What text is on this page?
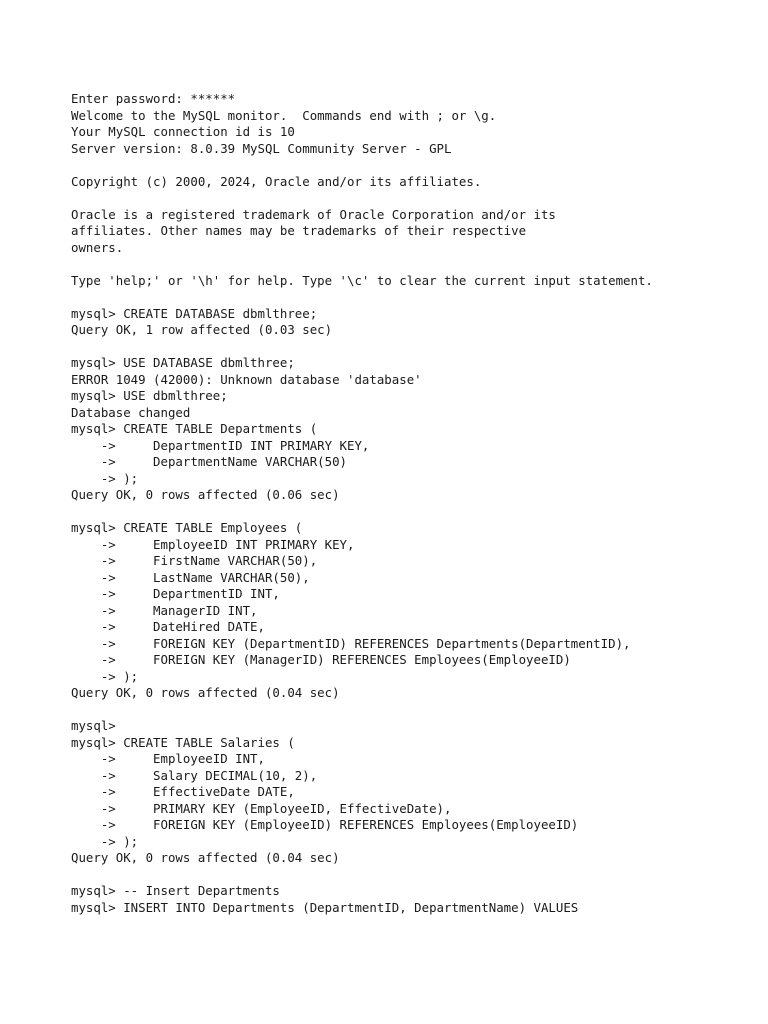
Enter password: ******
Welcome to the MySQL monitor.  Commands end with ; or \g.
Your MySQL connection id is 10
Server version: 8.0.39 MySQL Community Server - GPL
Copyright (c) 2000, 2024, Oracle and/or its affiliates.
Oracle is a registered trademark of Oracle Corporation and/or its
affiliates. Other names may be trademarks of their respective
owners.
Type 'help;' or '\h' for help. Type '\c' to clear the current input statement.
mysql> CREATE DATABASE dbmlthree;
Query OK, 1 row affected (0.03 sec)
mysql> USE DATABASE dbmlthree;
ERROR 1049 (42000): Unknown database 'database'
mysql> USE dbmlthree;
Database changed
mysql> CREATE TABLE Departments (
->     DepartmentID INT PRIMARY KEY,
->     DepartmentName VARCHAR(50)
-> );
Query OK, 0 rows affected (0.06 sec)
mysql> CREATE TABLE Employees (
->     EmployeeID INT PRIMARY KEY,
->     FirstName VARCHAR(50),
->     LastName VARCHAR(50),
->     DepartmentID INT,
->     ManagerID INT,
->     DateHired DATE,
->     FOREIGN KEY (DepartmentID) REFERENCES Departments(DepartmentID),
->     FOREIGN KEY (ManagerID) REFERENCES Employees(EmployeeID)
-> );
Query OK, 0 rows affected (0.04 sec)
mysql>
mysql> CREATE TABLE Salaries (
->     EmployeeID INT,
->     Salary DECIMAL(10, 2),
->     EffectiveDate DATE,
->     PRIMARY KEY (EmployeeID, EffectiveDate),
->     FOREIGN KEY (EmployeeID) REFERENCES Employees(EmployeeID)
-> );
Query OK, 0 rows affected (0.04 sec)
mysql> -- Insert Departments
mysql> INSERT INTO Departments (DepartmentID, DepartmentName) VALUES
